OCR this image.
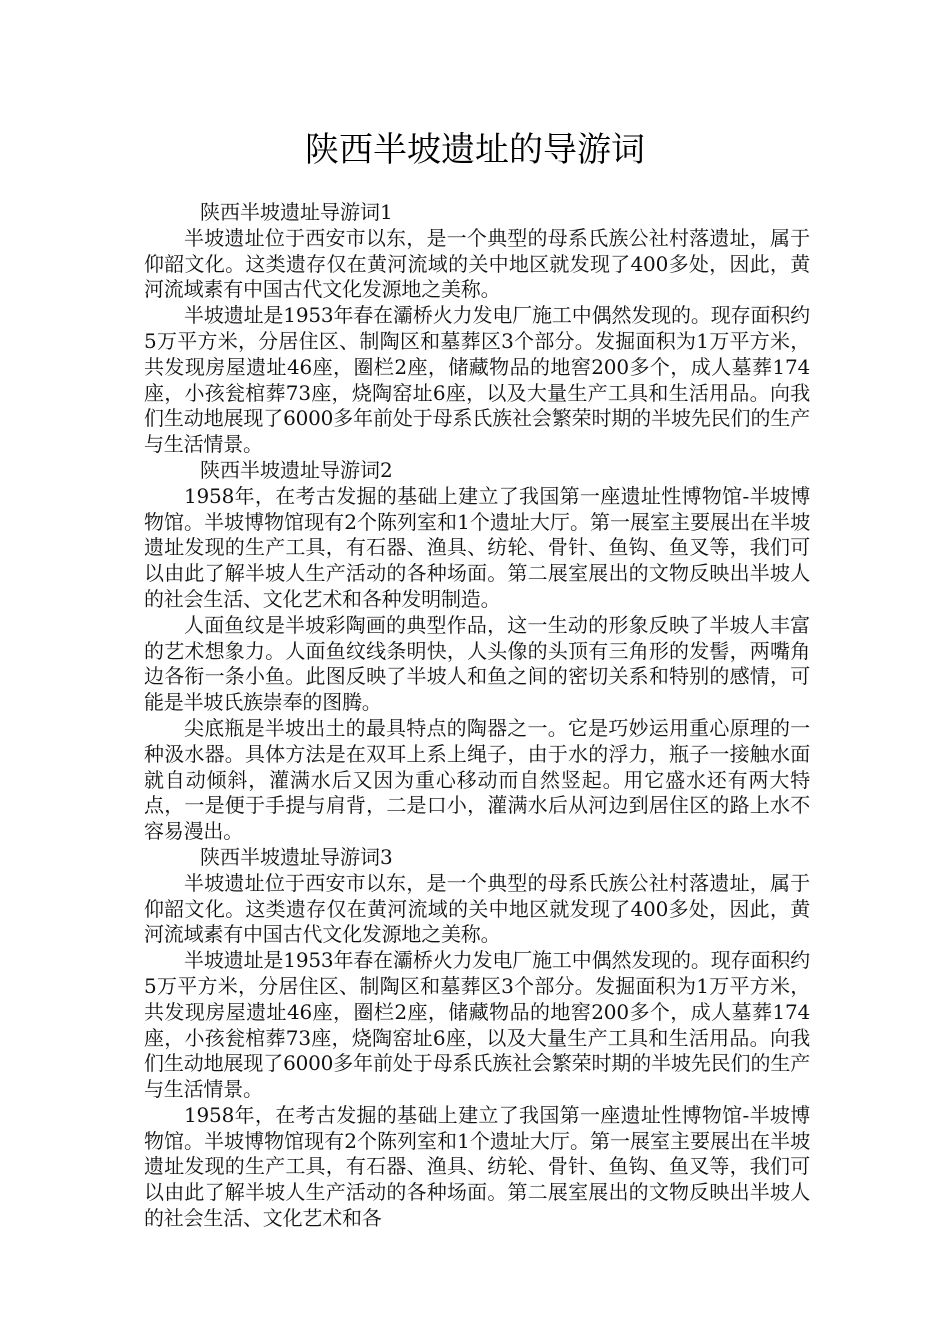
陕西半坡遗址的导游词

陕西半坡遗址导游词1

半坡遗址位于西安市以东，是一个典型的母系氏族公社村落遗址，属于仰韶文化。这类遗存仅在黄河流域的关中地区就发现了400多处，因此，黄河流域素有中国古代文化发源地之美称。

半坡遗址是1953年春在灞桥火力发电厂施工中偶然发现的。现存面积约5万平方米，分居住区、制陶区和墓葬区3个部分。发掘面积为1万平方米，共发现房屋遗址46座，圈栏2座，储藏物品的地窖200多个，成人墓葬174座，小孩瓮棺葬73座，烧陶窑址6座，以及大量生产工具和生活用品。向我们生动地展现了6000多年前处于母系氏族社会繁荣时期的半坡先民们的生产与生活情景。

陕西半坡遗址导游词2

1958年，在考古发掘的基础上建立了我国第一座遗址性博物馆-半坡博物馆。半坡博物馆现有2个陈列室和1个遗址大厅。第一展室主要展出在半坡遗址发现的生产工具，有石器、渔具、纺轮、骨针、鱼钩、鱼叉等，我们可以由此了解半坡人生产活动的各种场面。第二展室展出的文物反映出半坡人的社会生活、文化艺术和各种发明制造。

人面鱼纹是半坡彩陶画的典型作品，这一生动的形象反映了半坡人丰富的艺术想象力。人面鱼纹线条明快，人头像的头顶有三角形的发髻，两嘴角边各衔一条小鱼。此图反映了半坡人和鱼之间的密切关系和特别的感情，可能是半坡氏族崇奉的图腾。

尖底瓶是半坡出土的最具特点的陶器之一。它是巧妙运用重心原理的一种汲水器。具体方法是在双耳上系上绳子，由于水的浮力，瓶子一接触水面就自动倾斜，灌满水后又因为重心移动而自然竖起。用它盛水还有两大特点，一是便于手提与肩背，二是口小，灌满水后从河边到居住区的路上水不容易漫出。

陕西半坡遗址导游词3

半坡遗址位于西安市以东，是一个典型的母系氏族公社村落遗址，属于仰韶文化。这类遗存仅在黄河流域的关中地区就发现了400多处，因此，黄河流域素有中国古代文化发源地之美称。

半坡遗址是1953年春在灞桥火力发电厂施工中偶然发现的。现存面积约5万平方米，分居住区、制陶区和墓葬区3个部分。发掘面积为1万平方米，共发现房屋遗址46座，圈栏2座，储藏物品的地窖200多个，成人墓葬174座，小孩瓮棺葬73座，烧陶窑址6座，以及大量生产工具和生活用品。向我们生动地展现了6000多年前处于母系氏族社会繁荣时期的半坡先民们的生产与生活情景。

1958年，在考古发掘的基础上建立了我国第一座遗址性博物馆-半坡博物馆。半坡博物馆现有2个陈列室和1个遗址大厅。第一展室主要展出在半坡遗址发现的生产工具，有石器、渔具、纺轮、骨针、鱼钩、鱼叉等，我们可以由此了解半坡人生产活动的各种场面。第二展室展出的文物反映出半坡人的社会生活、文化艺术和各
